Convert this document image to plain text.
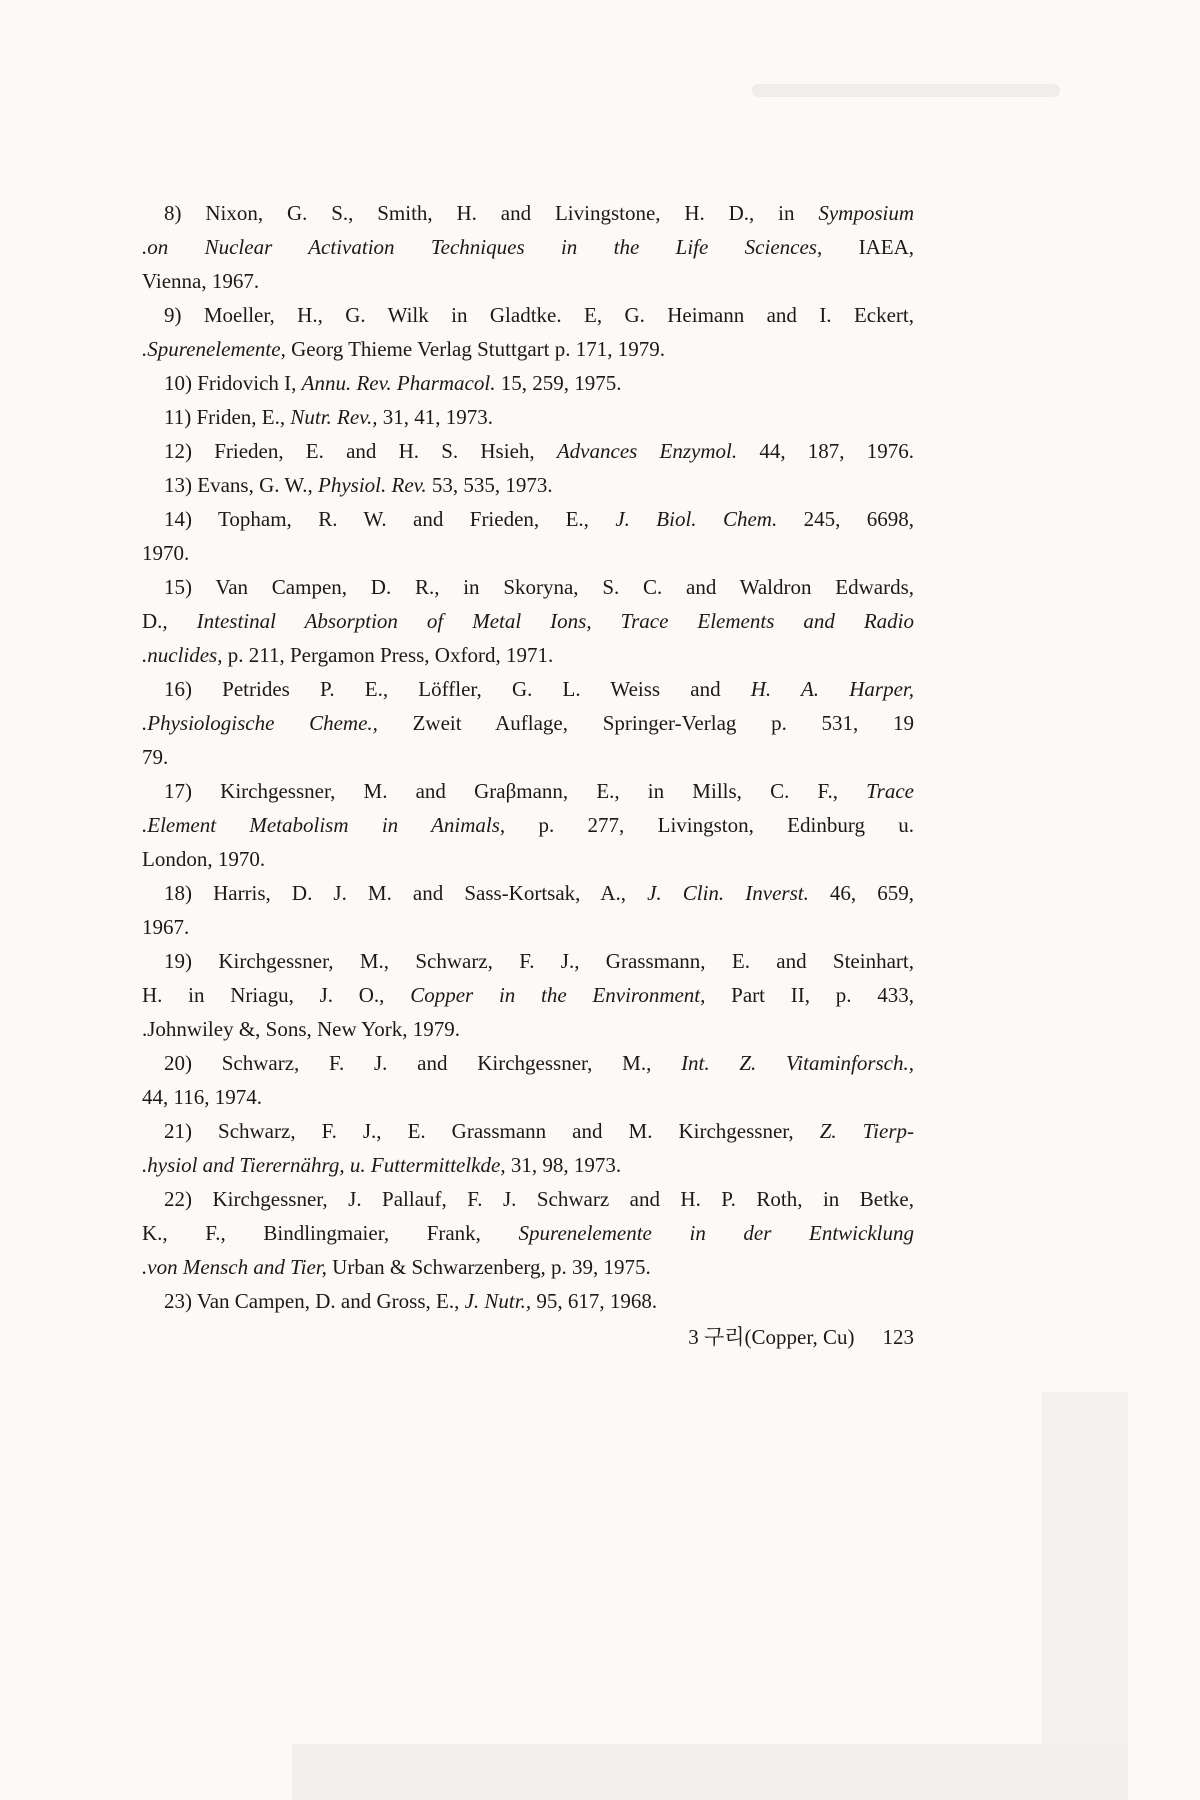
8) Nixon, G. S., Smith, H. and Livingstone, H. D., in Symposium
.on Nuclear Activation Techniques in the Life Sciences, IAEA,
Vienna, 1967.
9) Moeller, H., G. Wilk in Gladtke. E, G. Heimann and I. Eckert,
.Spurenelemente, Georg Thieme Verlag Stuttgart p. 171, 1979.
10) Fridovich I, Annu. Rev. Pharmacol. 15, 259, 1975.
11) Friden, E., Nutr. Rev., 31, 41, 1973.
12) Frieden, E. and H. S. Hsieh, Advances Enzymol. 44, 187, 1976.
13) Evans, G. W., Physiol. Rev. 53, 535, 1973.
14) Topham, R. W. and Frieden, E., J. Biol. Chem. 245, 6698,
1970.
15) Van Campen, D. R., in Skoryna, S. C. and Waldron Edwards,
D., Intestinal Absorption of Metal Ions, Trace Elements and Radio
.nuclides, p. 211, Pergamon Press, Oxford, 1971.
16) Petrides P. E., Löffler, G. L. Weiss and H. A. Harper,
.Physiologische Cheme., Zweit Auflage, Springer-Verlag p. 531, 19
79.
17) Kirchgessner, M. and Graβmann, E., in Mills, C. F., Trace
.Element Metabolism in Animals, p. 277, Livingston, Edinburg u.
London, 1970.
18) Harris, D. J. M. and Sass-Kortsak, A., J. Clin. Inverst. 46, 659,
1967.
19) Kirchgessner, M., Schwarz, F. J., Grassmann, E. and Steinhart,
H. in Nriagu, J. O., Copper in the Environment, Part II, p. 433,
.Johnwiley &, Sons, New York, 1979.
20) Schwarz, F. J. and Kirchgessner, M., Int. Z. Vitaminforsch.,
44, 116, 1974.
21) Schwarz, F. J., E. Grassmann and M. Kirchgessner, Z. Tierp-
.hysiol and Tierernährg, u. Futtermittelkde, 31, 98, 1973.
22) Kirchgessner, J. Pallauf, F. J. Schwarz and H. P. Roth, in Betke,
K., F., Bindlingmaier, Frank, Spurenelemente in der Entwicklung
.von Mensch and Tier, Urban & Schwarzenberg, p. 39, 1975.
23) Van Campen, D. and Gross, E., J. Nutr., 95, 617, 1968.
3 구리(Copper, Cu) 123
